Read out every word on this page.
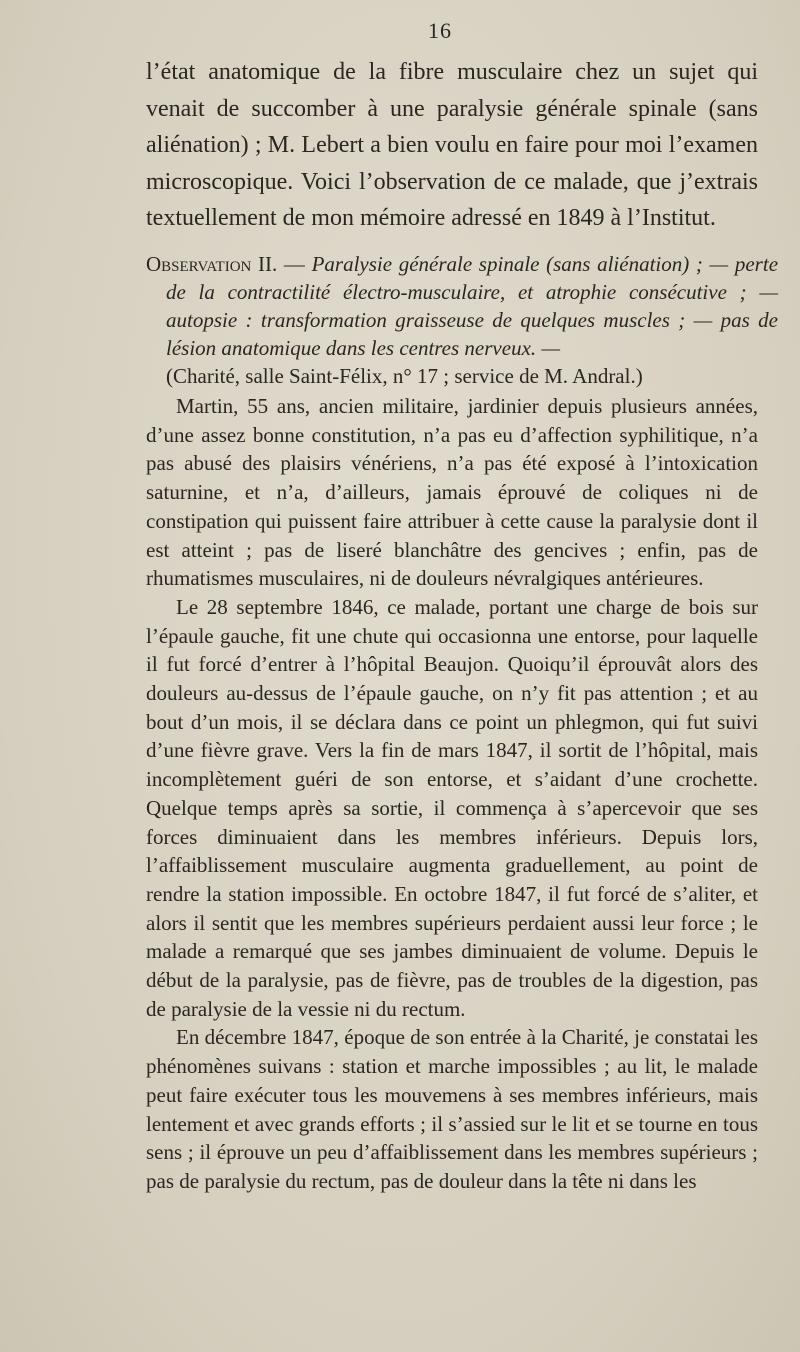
16

l’état anatomique de la fibre musculaire chez un sujet qui venait de succomber à une paralysie générale spinale (sans aliénation) ; M. Lebert a bien voulu en faire pour moi l’examen microscopique. Voici l’observation de ce malade, que j’extrais textuellement de mon mémoire adressé en 1849 à l’Institut.

Observation II. — Paralysie générale spinale (sans aliénation) ; — perte de la contractilité électro-musculaire, et atrophie consécutive ; — autopsie : transformation graisseuse de quelques muscles ; — pas de lésion anatomique dans les centres nerveux. —
(Charité, salle Saint-Félix, n° 17 ; service de M. Andral.)

Martin, 55 ans, ancien militaire, jardinier depuis plusieurs années, d’une assez bonne constitution, n’a pas eu d’affection syphilitique, n’a pas abusé des plaisirs vénériens, n’a pas été exposé à l’intoxication saturnine, et n’a, d’ailleurs, jamais éprouvé de coliques ni de constipation qui puissent faire attribuer à cette cause la paralysie dont il est atteint ; pas de liseré blanchâtre des gencives ; enfin, pas de rhumatismes musculaires, ni de douleurs névralgiques antérieures.

Le 28 septembre 1846, ce malade, portant une charge de bois sur l’épaule gauche, fit une chute qui occasionna une entorse, pour laquelle il fut forcé d’entrer à l’hôpital Beaujon. Quoiqu’il éprouvât alors des douleurs au-dessus de l’épaule gauche, on n’y fit pas attention ; et au bout d’un mois, il se déclara dans ce point un phlegmon, qui fut suivi d’une fièvre grave. Vers la fin de mars 1847, il sortit de l’hôpital, mais incomplètement guéri de son entorse, et s’aidant d’une crochette. Quelque temps après sa sortie, il commença à s’apercevoir que ses forces diminuaient dans les membres inférieurs. Depuis lors, l’affaiblissement musculaire augmenta graduellement, au point de rendre la station impossible. En octobre 1847, il fut forcé de s’aliter, et alors il sentit que les membres supérieurs perdaient aussi leur force ; le malade a remarqué que ses jambes diminuaient de volume. Depuis le début de la paralysie, pas de fièvre, pas de troubles de la digestion, pas de paralysie de la vessie ni du rectum.

En décembre 1847, époque de son entrée à la Charité, je constatai les phénomènes suivans : station et marche impossibles ; au lit, le malade peut faire exécuter tous les mouvemens à ses membres inférieurs, mais lentement et avec grands efforts ; il s’assied sur le lit et se tourne en tous sens ; il éprouve un peu d’affaiblissement dans les membres supérieurs ; pas de paralysie du rectum, pas de douleur dans la tête ni dans les
